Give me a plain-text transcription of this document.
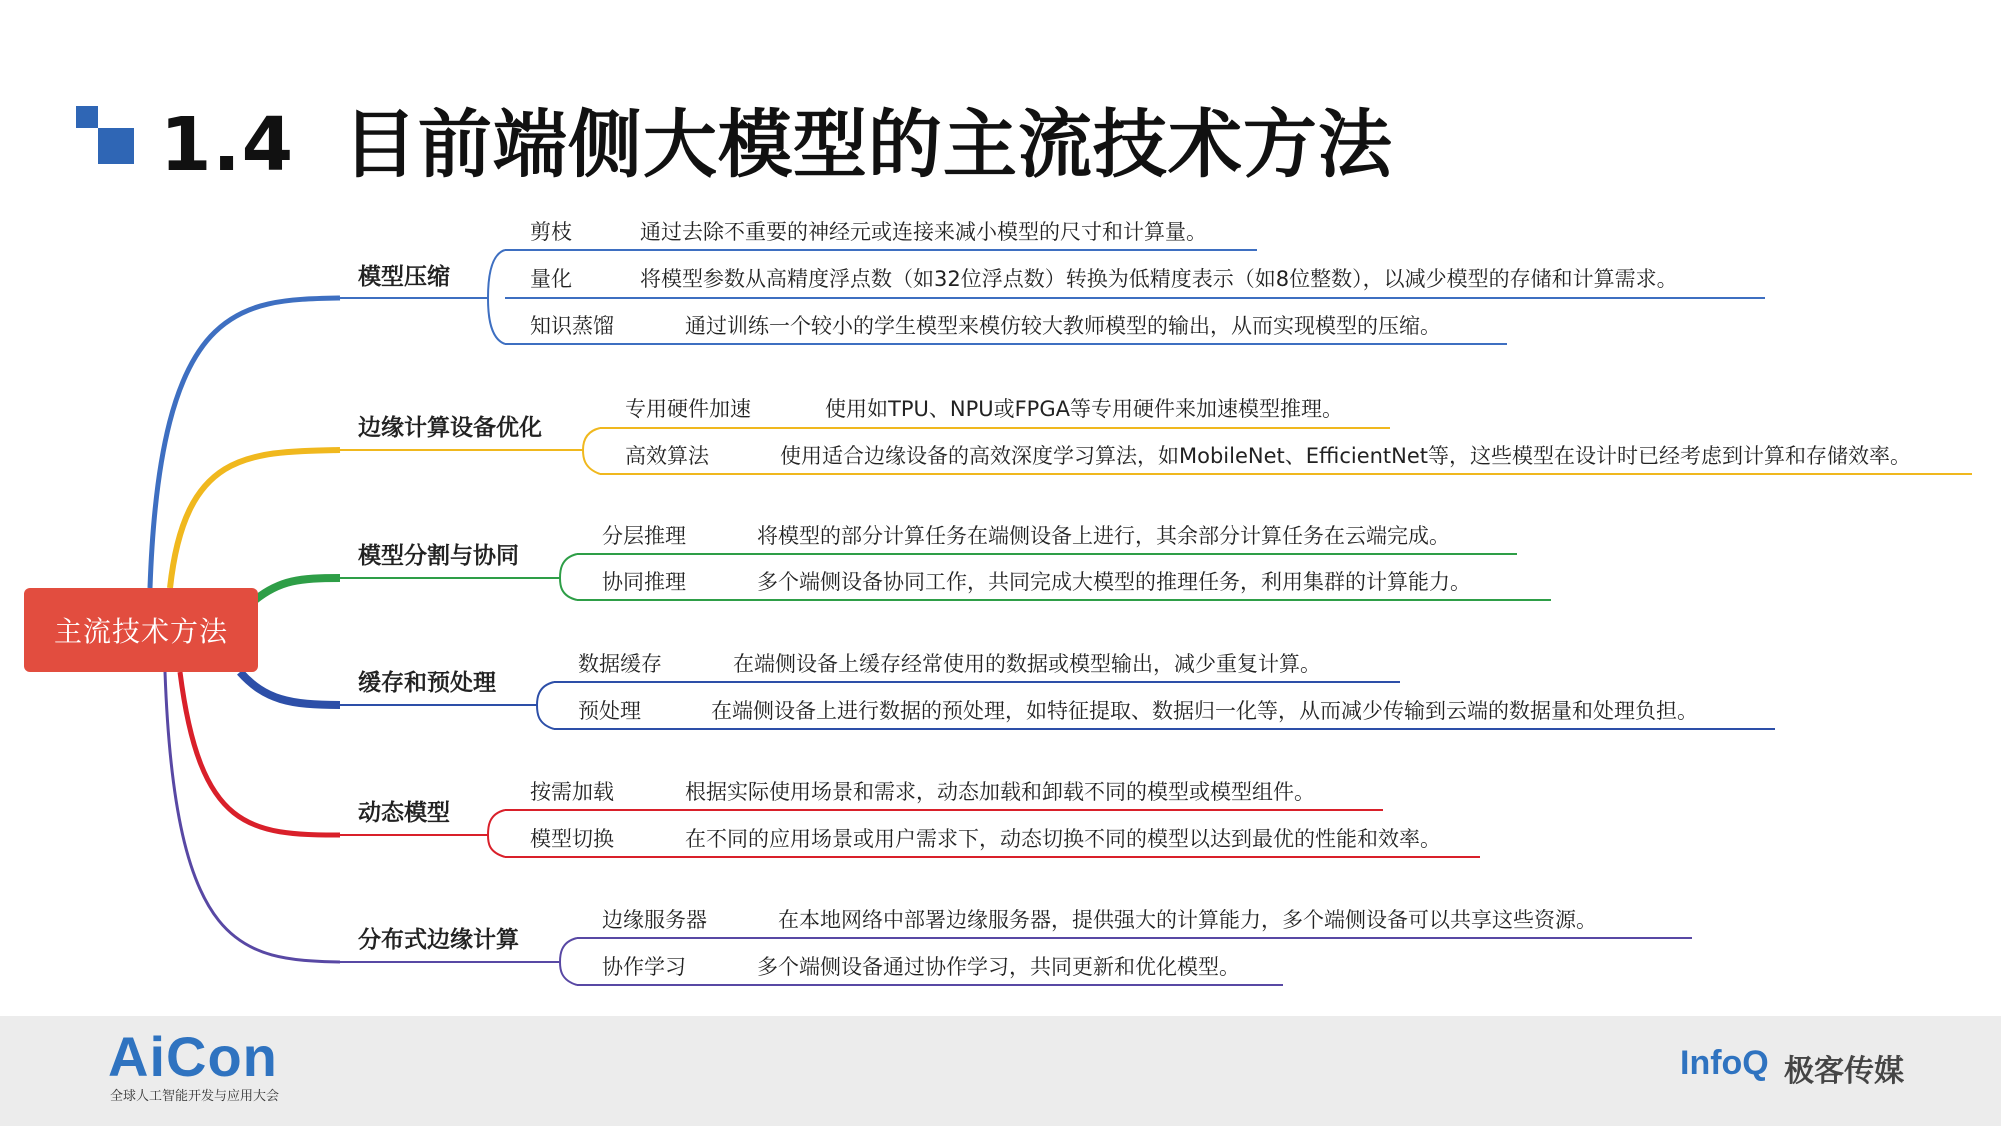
1.4 目前端侧大模型的主流技术方法
主流技术方法
模型压缩
边缘计算设备优化
模型分割与协同
缓存和预处理
动态模型
分布式边缘计算
剪枝	通过去除不重要的神经元或连接来减小模型的尺寸和计算量。
量化	将模型参数从高精度浮点数（如32位浮点数）转换为低精度表示（如8位整数），以减少模型的存储和计算需求。
知识蒸馏	通过训练一个较小的学生模型来模仿较大教师模型的输出，从而实现模型的压缩。
专用硬件加速	使用如TPU、NPU或FPGA等专用硬件来加速模型推理。
高效算法	使用适合边缘设备的高效深度学习算法，如MobileNet、EfficientNet等，这些模型在设计时已经考虑到计算和存储效率。
分层推理	将模型的部分计算任务在端侧设备上进行，其余部分计算任务在云端完成。
协同推理	多个端侧设备协同工作，共同完成大模型的推理任务，利用集群的计算能力。
数据缓存	在端侧设备上缓存经常使用的数据或模型输出，减少重复计算。
预处理	在端侧设备上进行数据的预处理，如特征提取、数据归一化等，从而减少传输到云端的数据量和处理负担。
按需加载	根据实际使用场景和需求，动态加载和卸载不同的模型或模型组件。
模型切换	在不同的应用场景或用户需求下，动态切换不同的模型以达到最优的性能和效率。
边缘服务器	在本地网络中部署边缘服务器，提供强大的计算能力，多个端侧设备可以共享这些资源。
协作学习	多个端侧设备通过协作学习，共同更新和优化模型。
AiCon
全球人工智能开发与应用大会
InfoQ 极客传媒
